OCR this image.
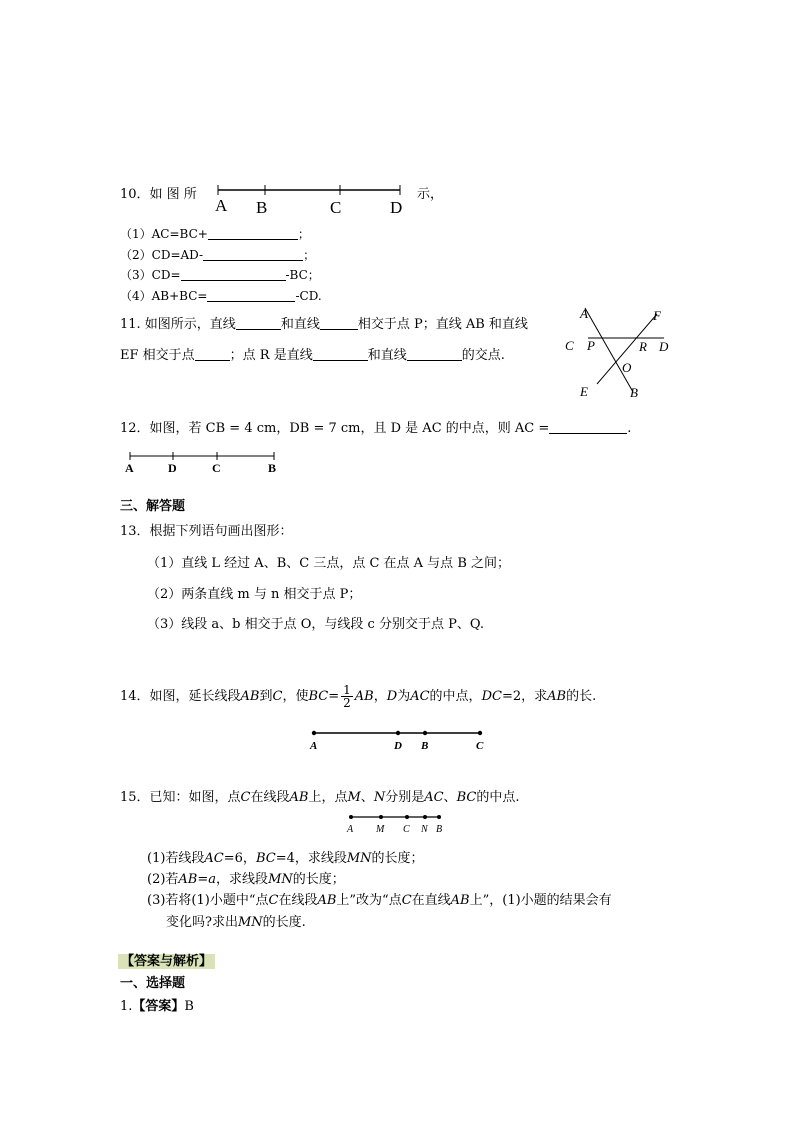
10．如 图 所
A B	C	D
示，
（1）AC=BC+	；
（2）CD=AD-	；
（3）CD=	-BC；
（4）AB+BC=	-CD.
11. 如图所示，直线	和直线	相交于点 P；直线 AB 和直线
EF 相交于点	；点 R 是直线	和直线	的交点.
A	F
C P	R D
O
E	B
12．如图，若 CB = 4 cm，DB = 7 cm，且 D 是 AC 的中点，则 AC =	.
A	D	C	B
三、解答题
13．根据下列语句画出图形：
（1）直线 L 经过 A、B、C 三点，点 C 在点 A 与点 B 之间；
（2）两条直线 m 与 n 相交于点 P；
（3）线段 a、b 相交于点 O，与线段 c 分别交于点 P、Q.
14．如图，延长线段AB到C，使$BC= \frac{1}{2}$ AB，D为AC的中点，DC=2，求AB的长.
A	D B	C
15．已知：如图，点C在线段AB上，点M、N分别是AC、BC的中点.
A M C N B
(1)若线段AC=6，BC=4，求线段MN的长度；
(2)若AB=a，求线段MN的长度；
(3)若将(1)小题中“点C在线段AB上”改为“点C在直线AB上”，(1)小题的结果会有
变化吗?求出MN的长度.
【答案与解析】
一、选择题
1.【答案】B
